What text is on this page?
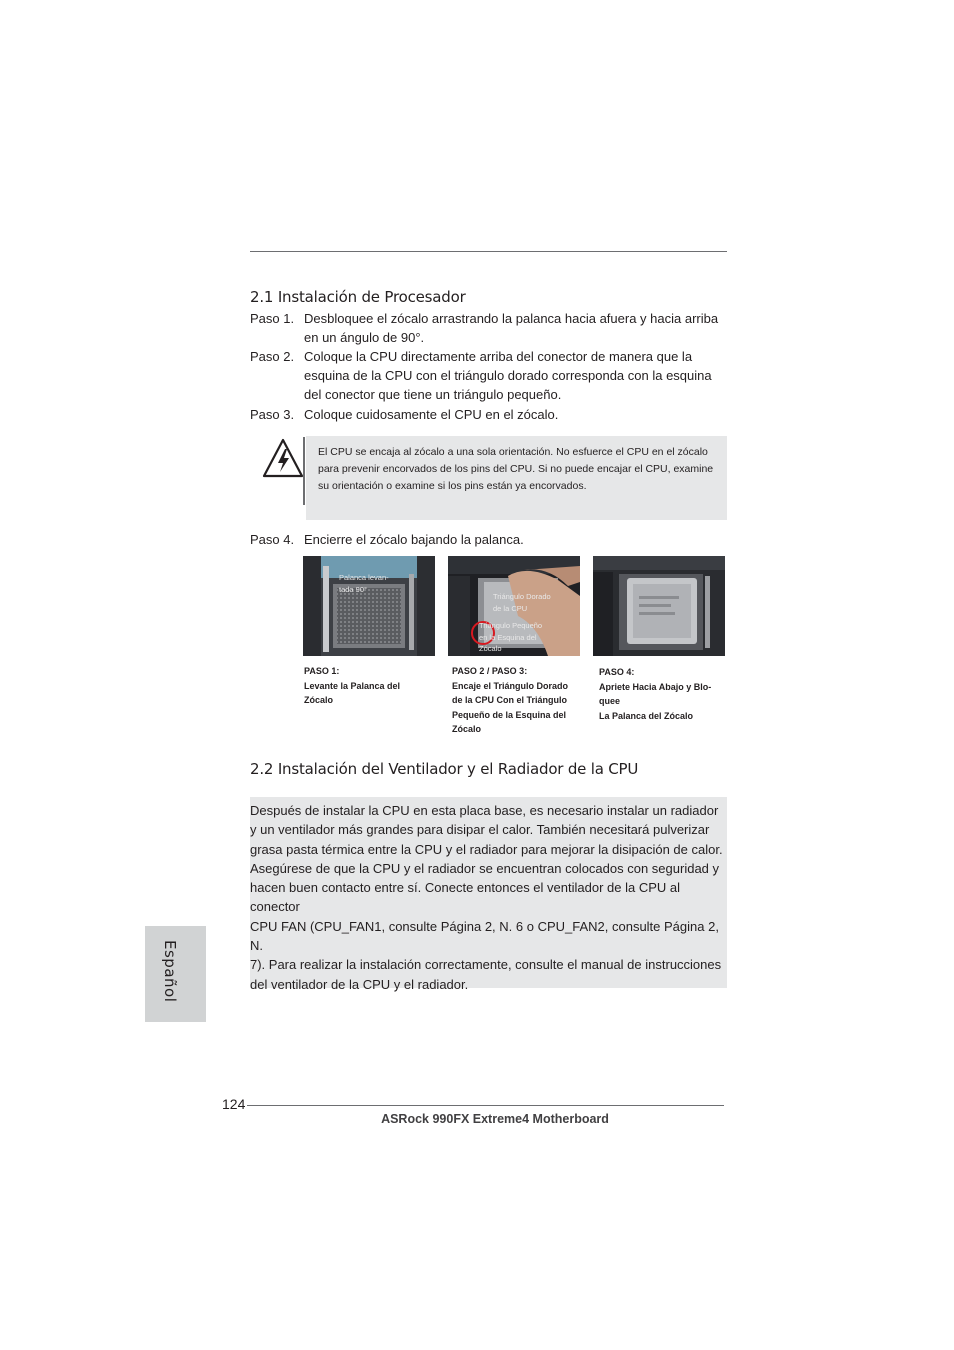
2.1 Instalación de Procesador
Paso 1. Desbloquee el zócalo arrastrando la palanca hacia afuera y hacia arriba en un ángulo de 90°.
Paso 2. Coloque la CPU directamente arriba del conector de manera que la esquina de la CPU con el triángulo dorado corresponda con la esquina del conector que tiene un triángulo pequeño.
Paso 3. Coloque cuidosamente el CPU en el zócalo.
El CPU se encaja al zócalo a una sola orientación. No esfuerce el CPU en el zócalo para prevenir encorvados de los pins del CPU. Si no puede encajar el CPU, examine su orientación o examine si los pins están ya encorvados.
Paso 4. Encierre el zócalo bajando la palanca.
Palanca levan-
tada 90°
Triángulo Dorado
de la CPU
Triángulo Pequeño
en la Esquina del
Zócalo
PASO 1:
Levante la Palanca del
Zócalo
PASO 2 / PASO 3:
Encaje el Triángulo Dorado
de la CPU Con el Triángulo
Pequeño de la Esquina del
Zócalo
PASO 4:
Apriete Hacia Abajo y Blo-
quee
La Palanca del Zócalo
2.2 Instalación del Ventilador y el Radiador de la CPU
Después de instalar la CPU en esta placa base, es necesario instalar un radiador
y un ventilador más grandes para disipar el calor. También necesitará pulverizar
grasa pasta térmica entre la CPU y el radiador para mejorar la disipación de calor.
Asegúrese de que la CPU y el radiador se encuentran colocados con seguridad y
hacen buen contacto entre sí. Conecte entonces el ventilador de la CPU al conector
CPU FAN (CPU_FAN1, consulte Página 2, N. 6 o CPU_FAN2, consulte Página 2, N.
7). Para realizar la instalación correctamente, consulte el manual de instrucciones
del ventilador de la CPU y el radiador.
Español
124
ASRock 990FX Extreme4 Motherboard
